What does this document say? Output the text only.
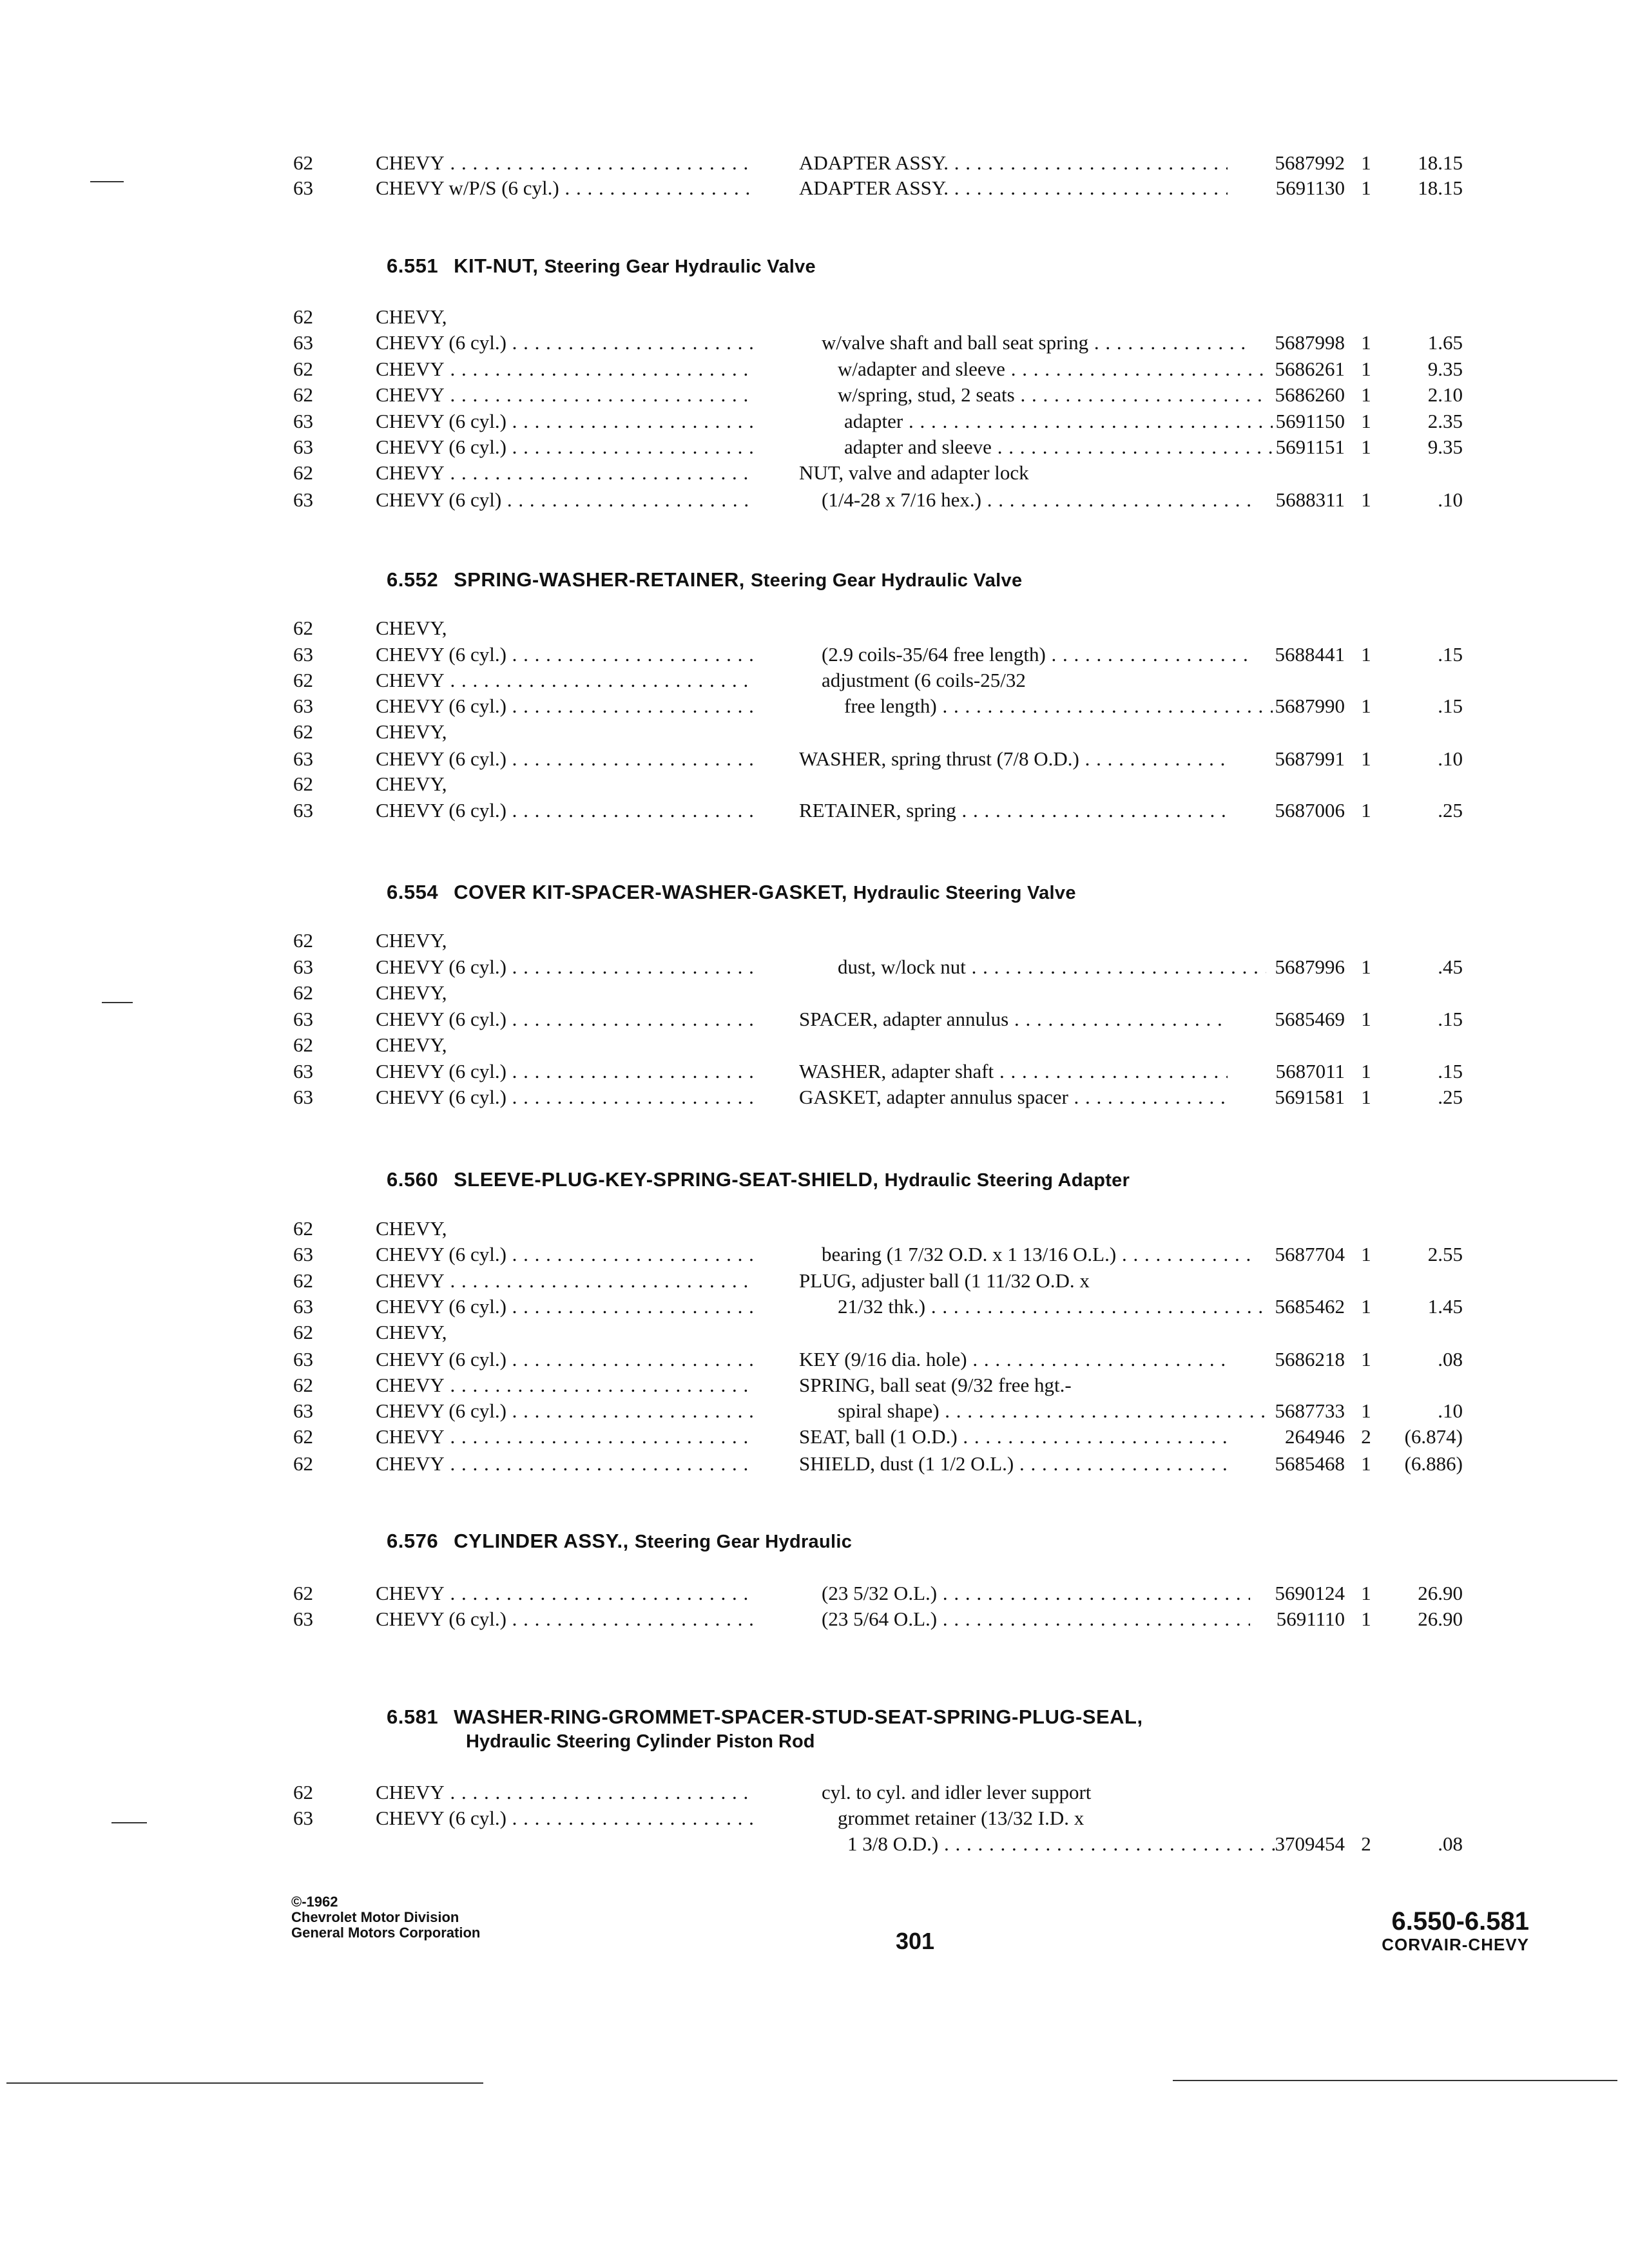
62	CHEVY . . .	ADAPTER ASSY. . . .	5687992 1	18.15
63	CHEVY w/P/S (6 cyl.) . . .	ADAPTER ASSY. . . .	5691130 1	18.15
6.551 KIT-NUT, Steering Gear Hydraulic Valve
62	CHEVY,
63	CHEVY (6 cyl.) . . .	w/valve shaft and ball seat spring . . .	5687998 1	1.65
62	CHEVY . . .	w/adapter and sleeve . . .	5686261 1	9.35
62	CHEVY . . .	w/spring, stud, 2 seats . . .	5686260 1	2.10
63	CHEVY (6 cyl.) . . .	adapter . . .	5691150 1	2.35
63	CHEVY (6 cyl.) . . .	adapter and sleeve . . .	5691151 1	9.35
62	CHEVY . . .	NUT, valve and adapter lock
63	CHEVY (6 cyl) . . .	(1/4-28 x 7/16 hex.) . . .	5688311 1	.10
6.552 SPRING-WASHER-RETAINER, Steering Gear Hydraulic Valve
62	CHEVY,
63	CHEVY (6 cyl.) . . .	(2.9 coils-35/64 free length) . . .	5688441 1	.15
62	CHEVY . . .	adjustment (6 coils-25/32
63	CHEVY (6 cyl.) . . .	free length) . . .	5687990 1	.15
62	CHEVY,
63	CHEVY (6 cyl.) . . .	WASHER, spring thrust (7/8 O.D.) . . .	5687991 1	.10
62	CHEVY,
63	CHEVY (6 cyl.) . . .	RETAINER, spring . . .	5687006 1	.25
6.554 COVER KIT-SPACER-WASHER-GASKET, Hydraulic Steering Valve
62	CHEVY,
63	CHEVY (6 cyl.) . . .	dust, w/lock nut . . .	5687996 1	.45
62	CHEVY,
63	CHEVY (6 cyl.) . . .	SPACER, adapter annulus . . .	5685469 1	.15
62	CHEVY,
63	CHEVY (6 cyl.) . . .	WASHER, adapter shaft . . .	5687011 1	.15
63	CHEVY (6 cyl.) . . .	GASKET, adapter annulus spacer . . .	5691581 1	.25
6.560 SLEEVE-PLUG-KEY-SPRING-SEAT-SHIELD, Hydraulic Steering Adapter
62	CHEVY,
63	CHEVY (6 cyl.) . . .	bearing (1 7/32 O.D. x 1 13/16 O.L.) . . .	5687704 1	2.55
62	CHEVY . . .	PLUG, adjuster ball (1 11/32 O.D. x
63	CHEVY (6 cyl.) . . .	21/32 thk.) . . .	5685462 1	1.45
62	CHEVY,
63	CHEVY (6 cyl.) . . .	KEY (9/16 dia. hole) . . .	5686218 1	.08
62	CHEVY . . .	SPRING, ball seat (9/32 free hgt.-
63	CHEVY (6 cyl.) . . .	spiral shape) . . .	5687733 1	.10
62	CHEVY . . .	SEAT, ball (1 O.D.) . . .	264946 2	(6.874)
62	CHEVY . . .	SHIELD, dust (1 1/2 O.L.) . . .	5685468 1	(6.886)
6.576 CYLINDER ASSY., Steering Gear Hydraulic
62	CHEVY . . .	(23 5/32 O.L.) . . .	5690124 1	26.90
63	CHEVY (6 cyl.) . . .	(23 5/64 O.L.) . . .	5691110 1	26.90
6.581 WASHER-RING-GROMMET-SPACER-STUD-SEAT-SPRING-PLUG-SEAL,
Hydraulic Steering Cylinder Piston Rod
62	CHEVY . . .	cyl. to cyl. and idler lever support
63	CHEVY (6 cyl.) . . .	grommet retainer (13/32 I.D. x
1 3/8 O.D.) . . .	3709454 2	.08
©-1962
Chevrolet Motor Division
General Motors Corporation	301
6.550-6.581
CORVAIR-CHEVY
